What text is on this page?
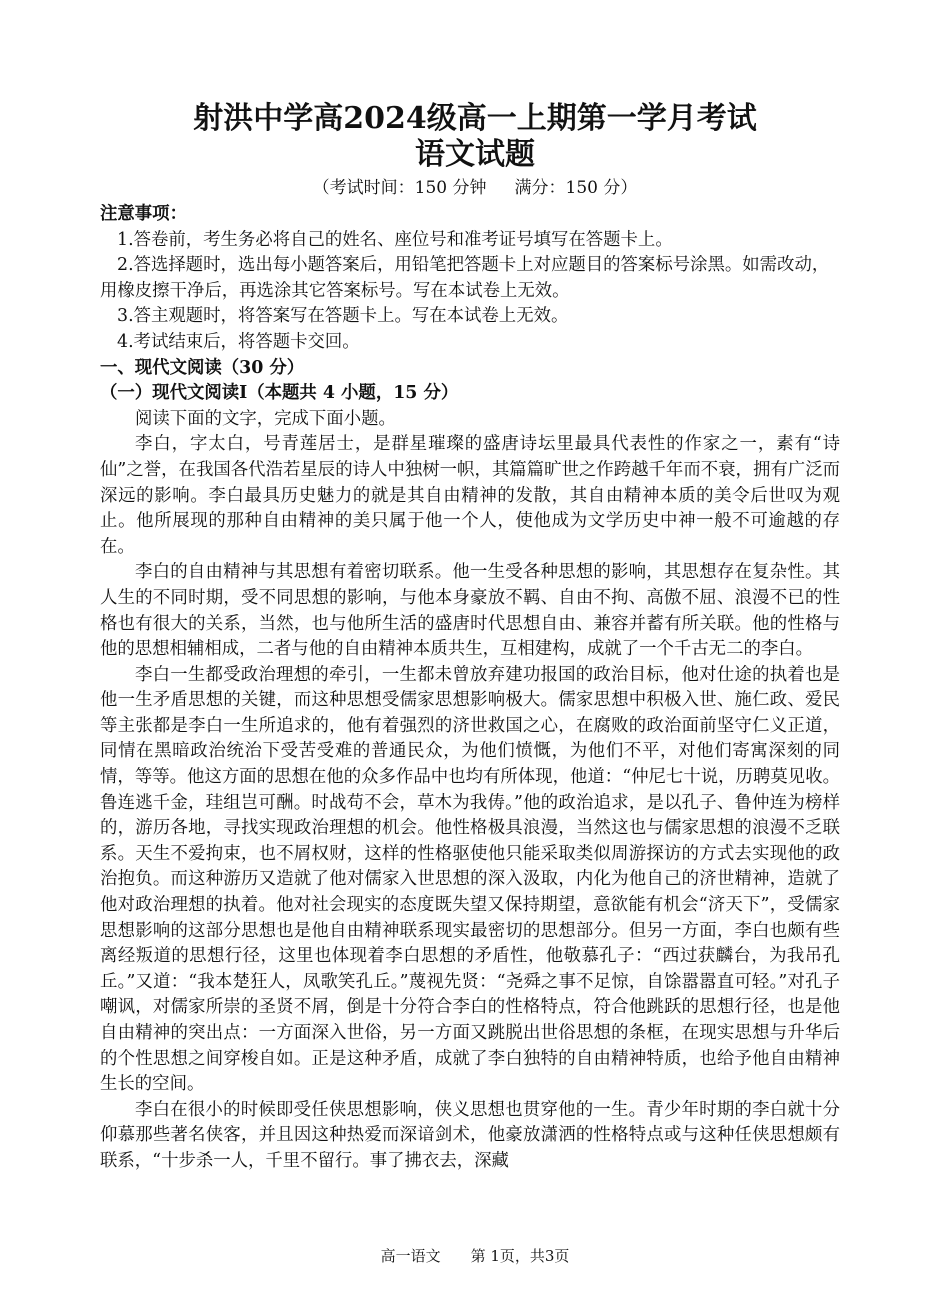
射洪中学高2024级高一上期第一学月考试
语文试题
（考试时间：150 分钟 满分：150 分）

注意事项：

1.答卷前，考生务必将自己的姓名、座位号和准考证号填写在答题卡上。

2.答选择题时，选出每小题答案后，用铅笔把答题卡上对应题目的答案标号涂黑。如需改动，用橡皮擦干净后，再选涂其它答案标号。写在本试卷上无效。

3.答主观题时，将答案写在答题卡上。写在本试卷上无效。

4.考试结束后，将答题卡交回。

一、现代文阅读（30 分）

（一）现代文阅读Ⅰ（本题共 4 小题，15 分）

阅读下面的文字，完成下面小题。

李白，字太白，号青莲居士，是群星璀璨的盛唐诗坛里最具代表性的作家之一，素有“诗仙”之誉，在我国各代浩若星辰的诗人中独树一帜，其篇篇旷世之作跨越千年而不衰，拥有广泛而深远的影响。李白最具历史魅力的就是其自由精神的发散，其自由精神本质的美令后世叹为观止。他所展现的那种自由精神的美只属于他一个人，使他成为文学历史中神一般不可逾越的存在。

李白的自由精神与其思想有着密切联系。他一生受各种思想的影响，其思想存在复杂性。其人生的不同时期，受不同思想的影响，与他本身豪放不羁、自由不拘、高傲不屈、浪漫不已的性格也有很大的关系，当然，也与他所生活的盛唐时代思想自由、兼容并蓄有所关联。他的性格与他的思想相辅相成，二者与他的自由精神本质共生，互相建构，成就了一个千古无二的李白。

李白一生都受政治理想的牵引，一生都未曾放弃建功报国的政治目标，他对仕途的执着也是他一生矛盾思想的关键，而这种思想受儒家思想影响极大。儒家思想中积极入世、施仁政、爱民等主张都是李白一生所追求的，他有着强烈的济世救国之心，在腐败的政治面前坚守仁义正道，同情在黑暗政治统治下受苦受难的普通民众，为他们愤慨，为他们不平，对他们寄寓深刻的同情，等等。他这方面的思想在他的众多作品中也均有所体现，他道：“仲尼七十说，历聘莫见收。鲁连逃千金，珪组岂可酬。时战苟不会，草木为我俦。”他的政治追求，是以孔子、鲁仲连为榜样的，游历各地，寻找实现政治理想的机会。他性格极具浪漫，当然这也与儒家思想的浪漫不乏联系。天生不爱拘束，也不屑权财，这样的性格驱使他只能采取类似周游探访的方式去实现他的政治抱负。而这种游历又造就了他对儒家入世思想的深入汲取，内化为他自己的济世精神，造就了他对政治理想的执着。他对社会现实的态度既失望又保持期望，意欲能有机会“济天下”，受儒家思想影响的这部分思想也是他自由精神联系现实最密切的思想部分。但另一方面，李白也颇有些离经叛道的思想行径，这里也体现着李白思想的矛盾性，他敬慕孔子：“西过获麟台，为我吊孔丘。”又道：“我本楚狂人，凤歌笑孔丘。”蔑视先贤：“尧舜之事不足惊，自馀嚣嚣直可轻。”对孔子嘲讽，对儒家所崇的圣贤不屑，倒是十分符合李白的性格特点，符合他跳跃的思想行径，也是他自由精神的突出点：一方面深入世俗，另一方面又跳脱出世俗思想的条框，在现实思想与升华后的个性思想之间穿梭自如。正是这种矛盾，成就了李白独特的自由精神特质，也给予他自由精神生长的空间。

李白在很小的时候即受任侠思想影响，侠义思想也贯穿他的一生。青少年时期的李白就十分仰慕那些著名侠客，并且因这种热爱而深谙剑术，他豪放潇洒的性格特点或与这种任侠思想颇有联系，“十步杀一人，千里不留行。事了拂衣去，深藏

高一语文 第 1页，共3页
